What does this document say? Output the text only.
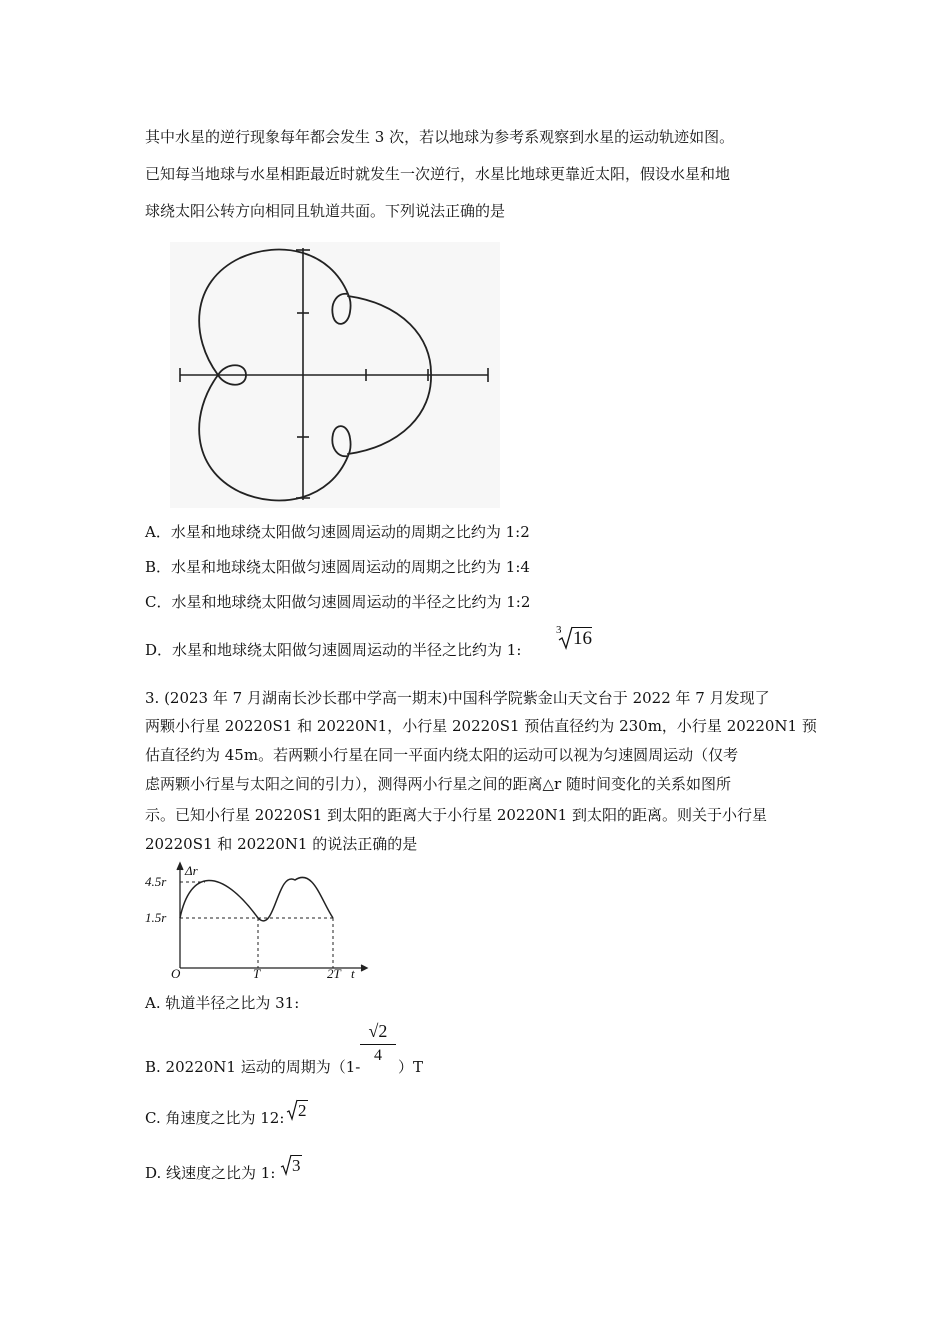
其中水星的逆行现象每年都会发生 3 次，若以地球为参考系观察到水星的运动轨迹如图。
已知每当地球与水星相距最近时就发生一次逆行，水星比地球更靠近太阳，假设水星和地
球绕太阳公转方向相同且轨道共面。下列说法正确的是
A．水星和地球绕太阳做匀速圆周运动的周期之比约为 1:2
B．水星和地球绕太阳做匀速圆周运动的周期之比约为 1:4
C．水星和地球绕太阳做匀速圆周运动的半径之比约为 1:2
D．水星和地球绕太阳做匀速圆周运动的半径之比约为 1:
3 16
3. (2023 年 7 月湖南长沙长郡中学高一期末)中国科学院紫金山天文台于 2022 年 7 月发现了
两颗小行星 20220S1 和 20220N1，小行星 20220S1 预估直径约为 230m，小行星 20220N1 预
估直径约为 45m。若两颗小行星在同一平面内绕太阳的运动可以视为匀速圆周运动（仅考
虑两颗小行星与太阳之间的引力），测得两小行星之间的距离△r 随时间变化的关系如图所
示。已知小行星 20220S1 到太阳的距离大于小行星 20220N1 到太阳的距离。则关于小行星
20220S1 和 20220N1 的说法正确的是
Δr
4.5r
1.5r
O	T	2T t
A. 轨道半径之比为 31:
B. 20220N1 运动的周期为（1-
√2
4
）T
C. 角速度之比为 12: 2
D. 线速度之比为 1: 3
